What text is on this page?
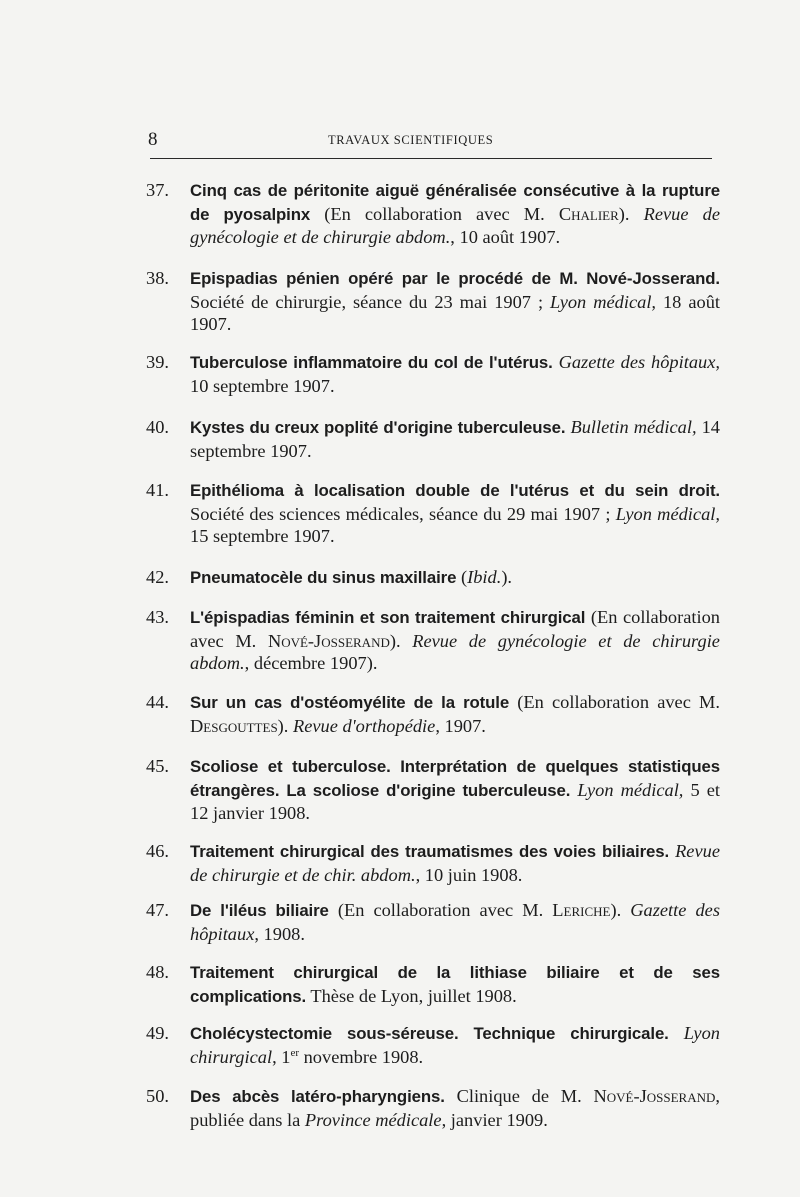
8	TRAVAUX SCIENTIFIQUES
37.	Cinq cas de péritonite aiguë généralisée consécutive à la rupture de pyosalpinx (En collaboration avec M. Chalier). Revue de gynécologie et de chirurgie abdom., 10 août 1907.
38.	Epispadias pénien opéré par le procédé de M. Nové-Josserand. Société de chirurgie, séance du 23 mai 1907 ; Lyon médical, 18 août 1907.
39.	Tuberculose inflammatoire du col de l'utérus. Gazette des hôpitaux, 10 septembre 1907.
40.	Kystes du creux poplité d'origine tuberculeuse. Bulletin médical, 14 septembre 1907.
41.	Epithélioma à localisation double de l'utérus et du sein droit. Société des sciences médicales, séance du 29 mai 1907 ; Lyon médical, 15 septembre 1907.
42.	Pneumatocèle du sinus maxillaire (Ibid.).
43.	L'épispadias féminin et son traitement chirurgical (En collaboration avec M. Nové-Josserand). Revue de gynécologie et de chirurgie abdom., décembre 1907).
44.	Sur un cas d'ostéomyélite de la rotule (En collaboration avec M. Desgouttes). Revue d'orthopédie, 1907.
45.	Scoliose et tuberculose. Interprétation de quelques statistiques étrangères. La scoliose d'origine tuberculeuse. Lyon médical, 5 et 12 janvier 1908.
46.	Traitement chirurgical des traumatismes des voies biliaires. Revue de chirurgie et de chir. abdom., 10 juin 1908.
47.	De l'iléus biliaire (En collaboration avec M. Leriche). Gazette des hôpitaux, 1908.
48.	Traitement chirurgical de la lithiase biliaire et de ses complications. Thèse de Lyon, juillet 1908.
49.	Cholécystectomie sous-séreuse. Technique chirurgicale. Lyon chirurgical, 1er novembre 1908.
50.	Des abcès latéro-pharyngiens. Clinique de M. Nové-Josserand, publiée dans la Province médicale, janvier 1909.
